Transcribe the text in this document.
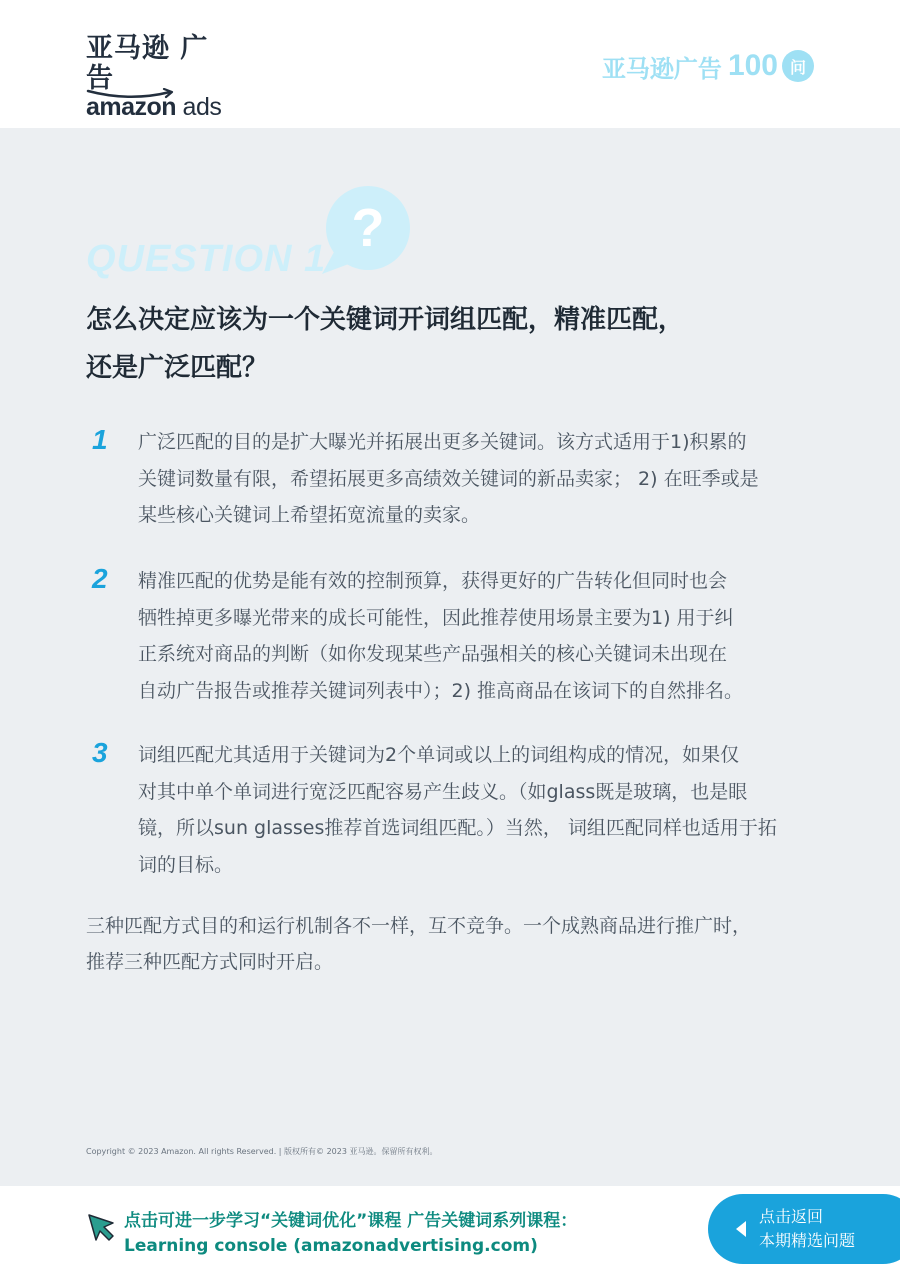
亚马逊 广告
amazon ads
亚马逊广告 100 问
QUESTION 1
?
怎么决定应该为一个关键词开词组匹配，精准匹配，
还是广泛匹配？
1 广泛匹配的目的是扩大曝光并拓展出更多关键词。该方式适用于1)积累的
关键词数量有限，希望拓展更多高绩效关键词的新品卖家； 2) 在旺季或是
某些核心关键词上希望拓宽流量的卖家。
2 精准匹配的优势是能有效的控制预算，获得更好的广告转化但同时也会
牺牲掉更多曝光带来的成长可能性，因此推荐使用场景主要为1) 用于纠
正系统对商品的判断（如你发现某些产品强相关的核心关键词未出现在
自动广告报告或推荐关键词列表中）；2) 推高商品在该词下的自然排名。
3 词组匹配尤其适用于关键词为2个单词或以上的词组构成的情况，如果仅
对其中单个单词进行宽泛匹配容易产生歧义。（如glass既是玻璃，也是眼
镜，所以sun glasses推荐首选词组匹配。）当然， 词组匹配同样也适用于拓
词的目标。
三种匹配方式目的和运行机制各不一样，互不竞争。一个成熟商品进行推广时，
推荐三种匹配方式同时开启。
Copyright © 2023 Amazon. All rights Reserved. | 版权所有© 2023 亚马逊。保留所有权利。
点击可进一步学习“关键词优化”课程 广告关键词系列课程：
Learning console (amazonadvertising.com)
点击返回
本期精选问题
